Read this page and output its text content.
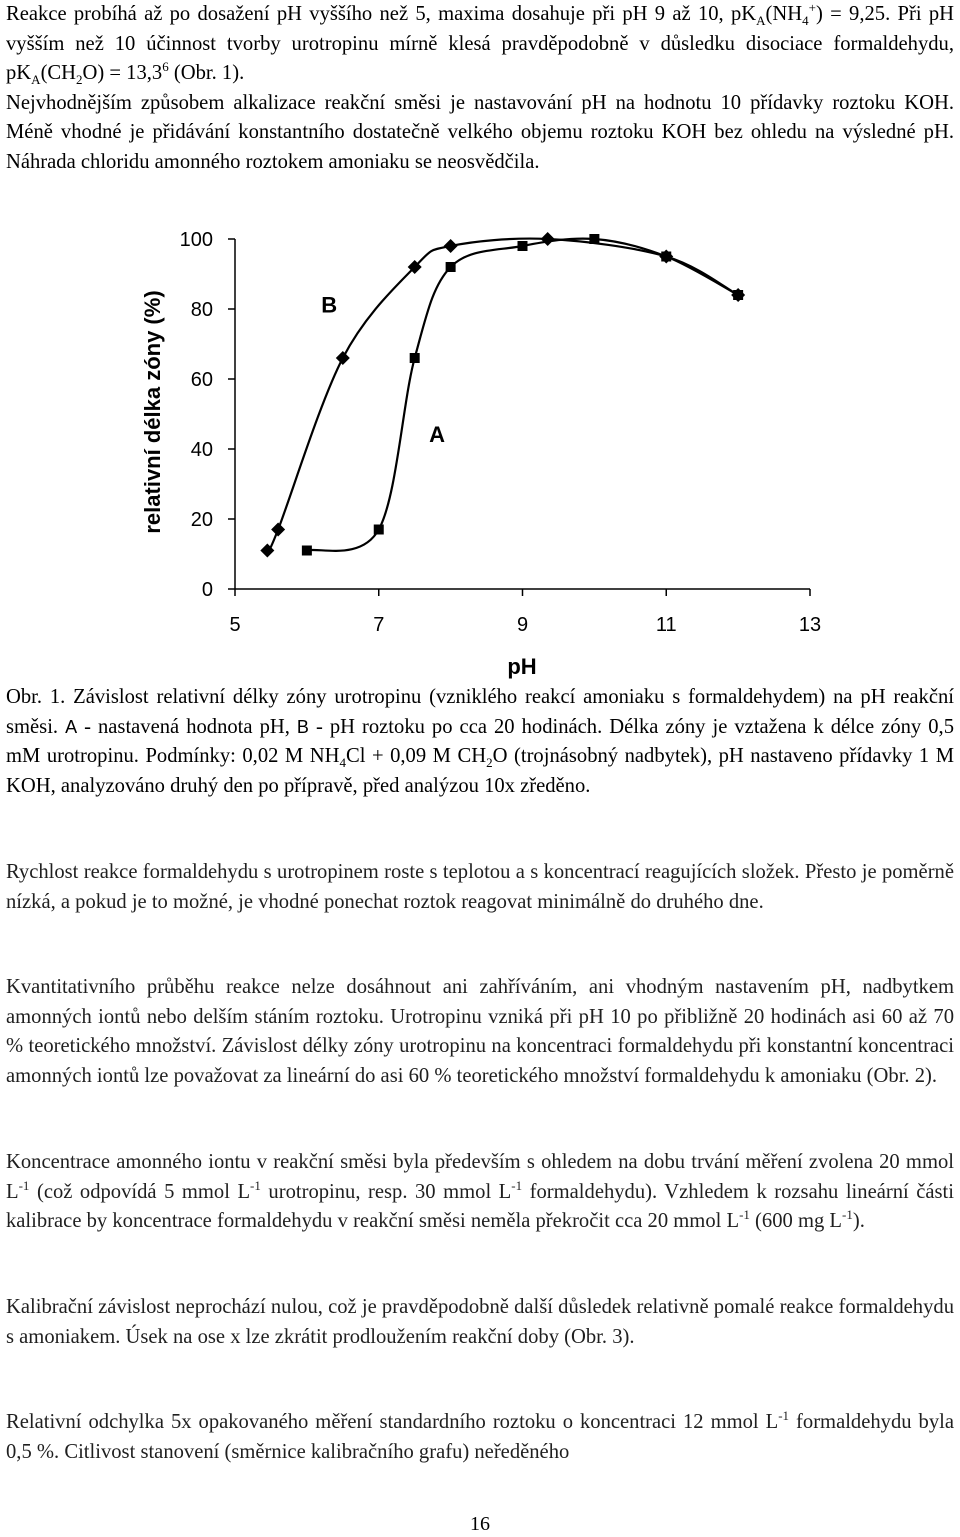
Reakce probíhá až po dosažení pH vyššího než 5, maxima dosahuje při pH 9 až 10, $pK_A(NH_4^+) = 9,25$. Při pH vyšším než 10 účinnost tvorby urotropinu mírně klesá pravděpodobně v důsledku disociace formaldehydu, $pK_A(CH_2O) = 13,3^6$ (Obr. 1).
Nejvhodnějším způsobem alkalizace reakční směsi je nastavování pH na hodnotu 10 přídavky roztoku KOH. Méně vhodné je přidávání konstantního dostatečně velkého objemu roztoku KOH bez ohledu na výsledné pH. Náhrada chloridu amonného roztokem amoniaku se neosvědčila.

0
20
40
60
80
100
5	7	9	11	13
B
A
pH
relativní délka zóny (%)

Obr. 1. Závislost relativní délky zóny urotropinu (vzniklého reakcí amoniaku s formaldehydem) na pH reakční směsi. A - nastavená hodnota pH, B - pH roztoku po cca 20 hodinách. Délka zóny je vztažena k délce zóny 0,5 mM urotropinu. Podmínky: 0,02 M $NH_4Cl + 0,09$ M $CH_2O$ (trojnásobný nadbytek), pH nastaveno přídavky 1 M KOH, analyzováno druhý den po přípravě, před analýzou 10x zředěno.

Rychlost reakce formaldehydu s urotropinem roste s teplotou a s koncentrací reagujících složek. Přesto je poměrně nízká, a pokud je to možné, je vhodné ponechat roztok reagovat minimálně do druhého dne.

Kvantitativního průběhu reakce nelze dosáhnout ani zahříváním, ani vhodným nastavením pH, nadbytkem amonných iontů nebo delším stáním roztoku. Urotropinu vzniká při pH 10 po přibližně 20 hodinách asi 60 až 70 % teoretického množství. Závislost délky zóny urotropinu na koncentraci formaldehydu při konstantní koncentraci amonných iontů lze považovat za lineární do asi 60 % teoretického množství formaldehydu k amoniaku (Obr. 2).

Koncentrace amonného iontu v reakční směsi byla především s ohledem na dobu trvání měření zvolena 20 mmol $L^{-1}$ (což odpovídá 5 mmol $L^{-1}$ urotropinu, resp. 30 mmol $L^{-1}$ formaldehydu). Vzhledem k rozsahu lineární části kalibrace by koncentrace formaldehydu v reakční směsi neměla překročit cca 20 mmol $L^{-1}$ (600 mg $L^{-1}$).

Kalibrační závislost neprochází nulou, což je pravděpodobně další důsledek relativně pomalé reakce formaldehydu s amoniakem. Úsek na ose x lze zkrátit prodloužením reakční doby (Obr. 3).

Relativní odchylka 5x opakovaného měření standardního roztoku o koncentraci 12 mmol $L^{-1}$ formaldehydu byla 0,5 %. Citlivost stanovení (směrnice kalibračního grafu) neředěného

16
